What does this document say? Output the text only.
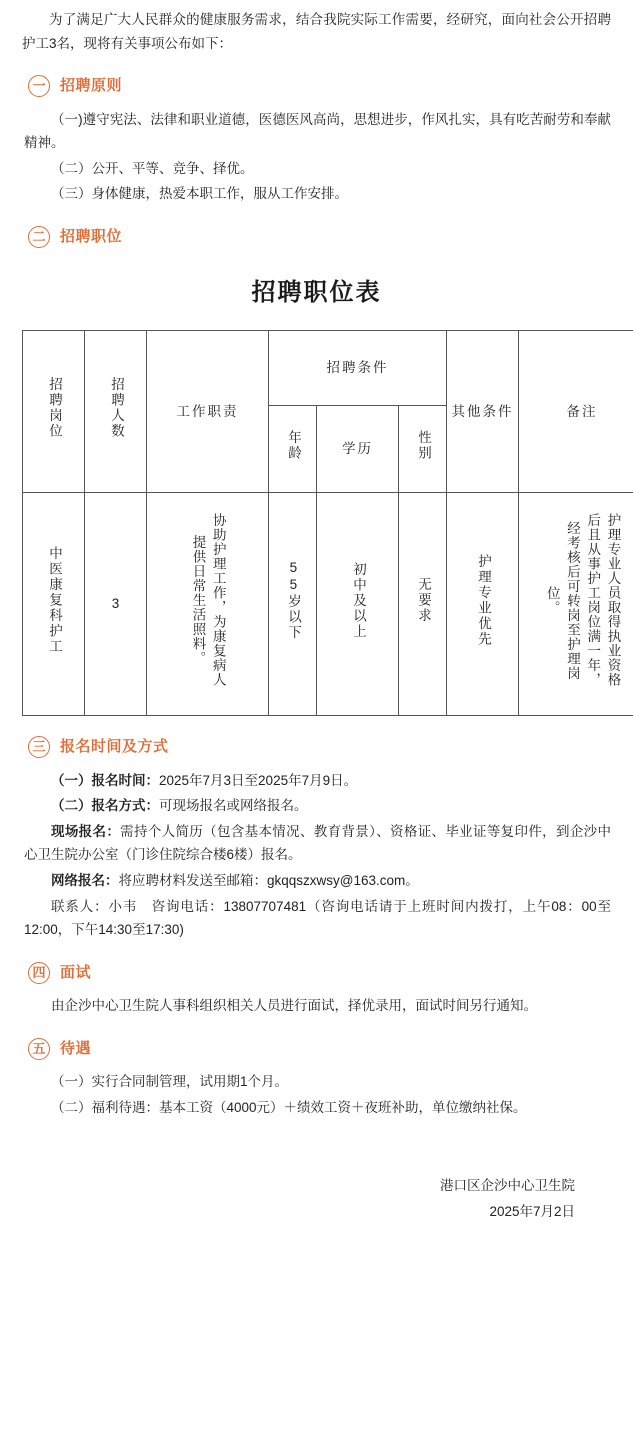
为了满足广大人民群众的健康服务需求，结合我院实际工作需要，经研究，面向社会公开招聘护工3名，现将有关事项公布如下：

一 招聘原则

（一)遵守宪法、法律和职业道德，医德医风高尚，思想进步，作风扎实，具有吃苦耐劳和奉献精神。

（二）公开、平等、竞争、择优。

（三）身体健康，热爱本职工作，服从工作安排。

二 招聘职位
招聘职位表
招聘岗位	招聘人数	工作职责	招聘条件			其他条件	备注
			年龄	学历	性别		
中医康复科护工	3	协助护理工作，为康复病人提供日常生活照料。	55岁以下	初中及以上	无要求	护理专业优先	护理专业人员取得执业资格后且从事护工岗位满一年，经考核后可转岗至护理岗位。
三 报名时间及方式

（一）报名时间：2025年7月3日至2025年7月9日。

（二）报名方式：可现场报名或网络报名。

现场报名：需持个人简历（包含基本情况、教育背景）、资格证、毕业证等复印件，到企沙中心卫生院办公室（门诊住院综合楼6楼）报名。

网络报名：将应聘材料发送至邮箱：gkqqszxwsy@163.com。

联系人：小韦　咨询电话：13807707481（咨询电话请于上班时间内拨打，上午08：00至12:00，下午14:30至17:30)

四 面试

由企沙中心卫生院人事科组织相关人员进行面试，择优录用，面试时间另行通知。

五 待遇

（一）实行合同制管理，试用期1个月。

（二）福利待遇：基本工资（4000元）＋绩效工资＋夜班补助，单位缴纳社保。

港口区企沙中心卫生院
2025年7月2日
